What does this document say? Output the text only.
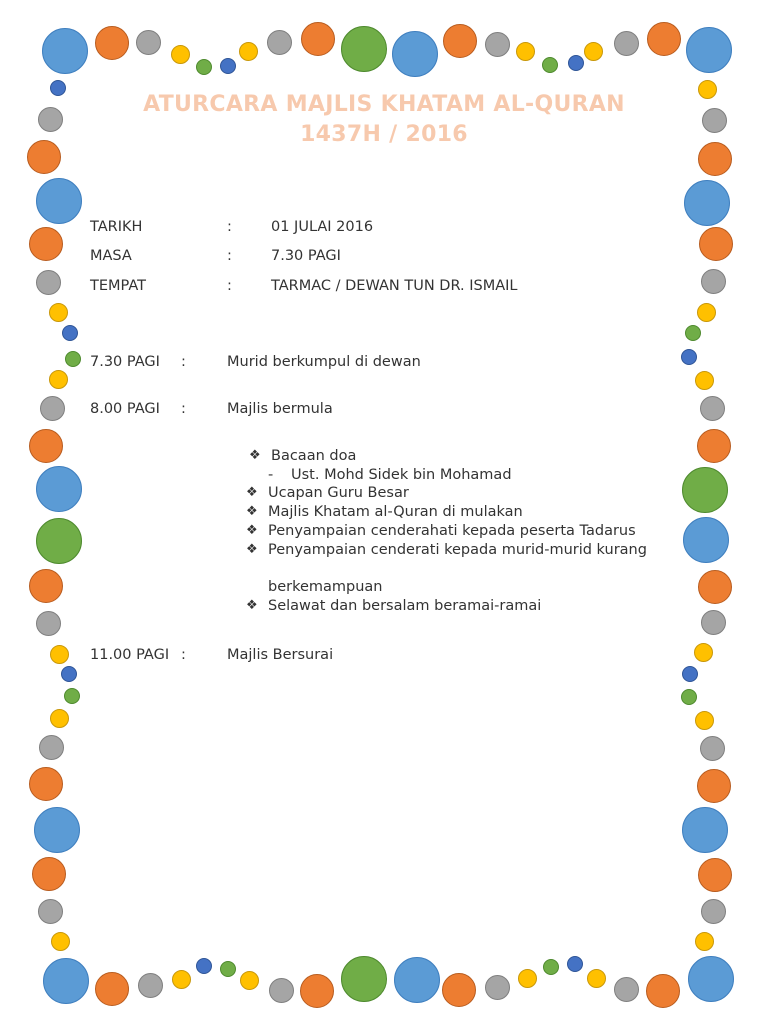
ATURCARA MAJLIS KHATAM AL-QURAN
1437H / 2016
TARIKH	:	01 JULAI 2016
MASA	:	7.30 PAGI
TEMPAT	:	TARMAC / DEWAN TUN DR. ISMAIL
7.30 PAGI :	Murid berkumpul di dewan
8.00 PAGI :	Majlis bermula
❖ Bacaan doa
- Ust. Mohd Sidek bin Mohamad
❖ Ucapan Guru Besar
❖ Majlis Khatam al-Quran di mulakan
❖ Penyampaian cenderahati kepada peserta Tadarus
❖ Penyampaian cenderati kepada murid-murid kurang
berkemampuan
❖ Selawat dan bersalam beramai-ramai
11.00 PAGI :	Majlis Bersurai
